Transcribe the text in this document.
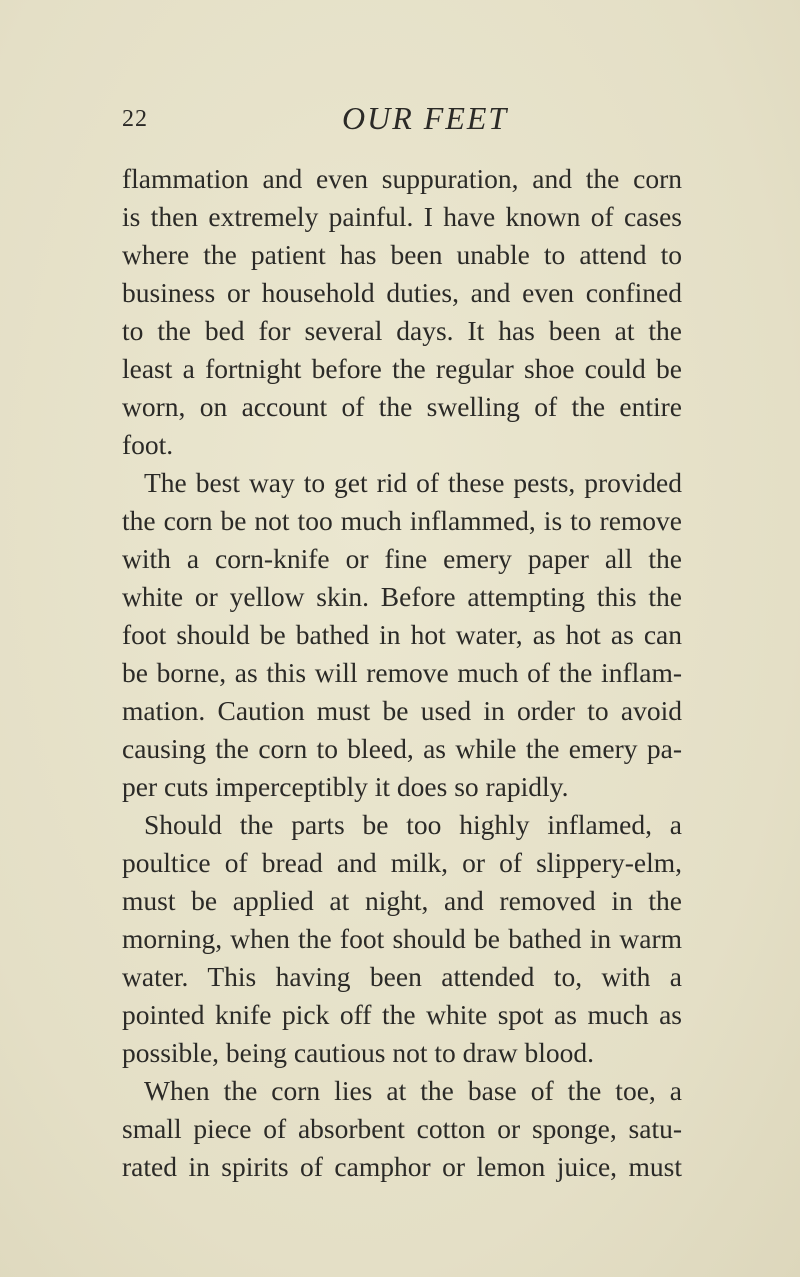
22	OUR FEET
flammation and even suppuration, and the corn
is then extremely painful. I have known of cases
where the patient has been unable to attend to
business or household duties, and even confined
to the bed for several days. It has been at the
least a fortnight before the regular shoe could be
worn, on account of the swelling of the entire
foot.
The best way to get rid of these pests, provided
the corn be not too much inflammed, is to remove
with a corn-knife or fine emery paper all the
white or yellow skin. Before attempting this the
foot should be bathed in hot water, as hot as can
be borne, as this will remove much of the inflam-
mation. Caution must be used in order to avoid
causing the corn to bleed, as while the emery pa-
per cuts imperceptibly it does so rapidly.
Should the parts be too highly inflamed, a
poultice of bread and milk, or of slippery-elm,
must be applied at night, and removed in the
morning, when the foot should be bathed in warm
water. This having been attended to, with a
pointed knife pick off the white spot as much as
possible, being cautious not to draw blood.
When the corn lies at the base of the toe, a
small piece of absorbent cotton or sponge, satu-
rated in spirits of camphor or lemon juice, must
